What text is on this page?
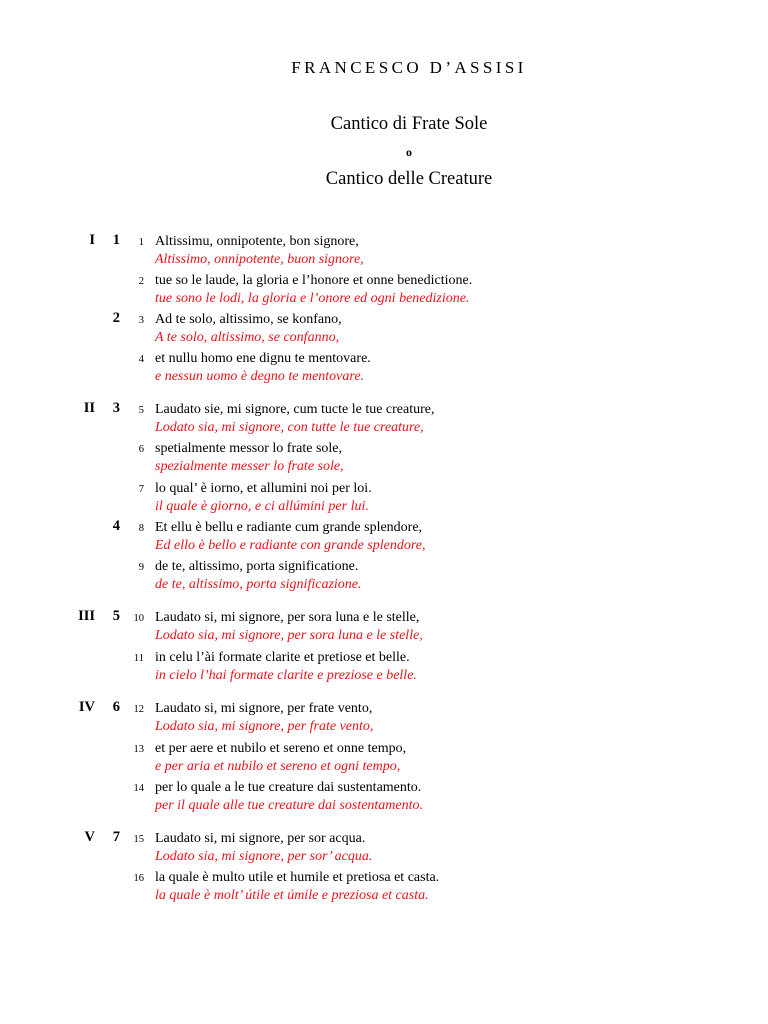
FRANCESCO D’ASSISI
Cantico di Frate Sole
o
Cantico delle Creature
I	1	1 Altissimu, onnipotente, bon signore,
Altissimo, onnipotente, buon signore,
2 tue so le laude, la gloria e l’honore et onne benedictione.
tue sono le lodi, la gloria e l’onore ed ogni benedizione.
2	3 Ad te solo, altissimo, se konfano,
A te solo, altissimo, se confanno,
4 et nullu homo ene dignu te mentovare.
e nessun uomo è degno te mentovare.
II	3	5 Laudato sie, mi signore, cum tucte le tue creature,
Lodato sia, mi signore, con tutte le tue creature,
6 spetialmente messor lo frate sole,
spezialmente messer lo frate sole,
7 lo qual’ è iorno, et allumini noi per loi.
il quale è giorno, e ci allúmini per lui.
4	8 Et ellu è bellu e radiante cum grande splendore,
Ed ello è bello e radiante con grande splendore,
9 de te, altissimo, porta significatione.
de te, altissimo, porta significazione.
III	5	10 Laudato si, mi signore, per sora luna e le stelle,
Lodato sia, mi signore, per sora luna e le stelle,
11 in celu l’ài formate clarite et pretiose et belle.
in cielo l’hai formate clarite e preziose e belle.
IV	6	12 Laudato si, mi signore, per frate vento,
Lodato sia, mi signore, per frate vento,
13 et per aere et nubilo et sereno et onne tempo,
e per aria et nubilo et sereno et ogni tempo,
14 per lo quale a le tue creature dai sustentamento.
per il quale alle tue creature dai sostentamento.
V	7	15 Laudato si, mi signore, per sor acqua.
Lodato sia, mi signore, per sor’ acqua.
16 la quale è multo utile et humile et pretiosa et casta.
la quale è molt’ útile et úmile e preziosa et casta.
